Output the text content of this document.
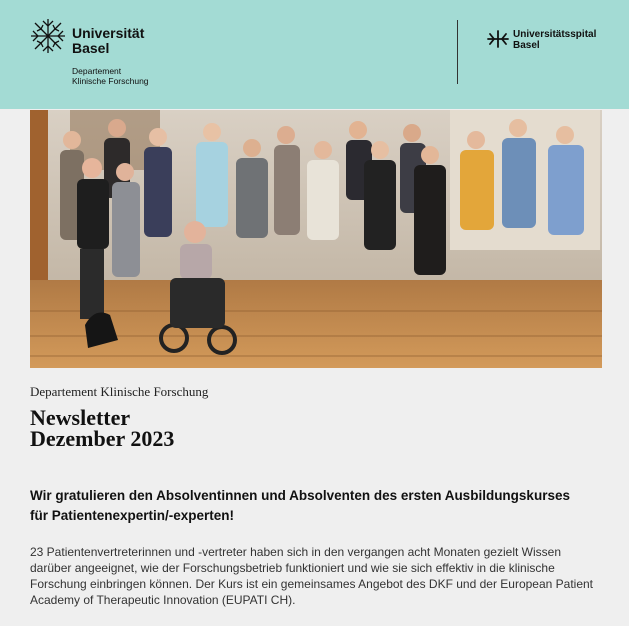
Universität
Basel
Departement
Klinische Forschung
Universitätsspital
Basel
Departement Klinische Forschung
Newsletter
Dezember 2023
Wir gratulieren den Absolventinnen und Absolventen des ersten Ausbildungskurses für Patientenexpertin/-experten!
23 Patientenvertreterinnen und -vertreter haben sich in den vergangen acht Monaten gezielt Wissen darüber angeeignet, wie der Forschungsbetrieb funktioniert und wie sie sich effektiv in die klinische Forschung einbringen können. Der Kurs ist ein gemeinsames Angebot des DKF und der European Patient Academy of Therapeutic Innovation (EUPATI CH).
